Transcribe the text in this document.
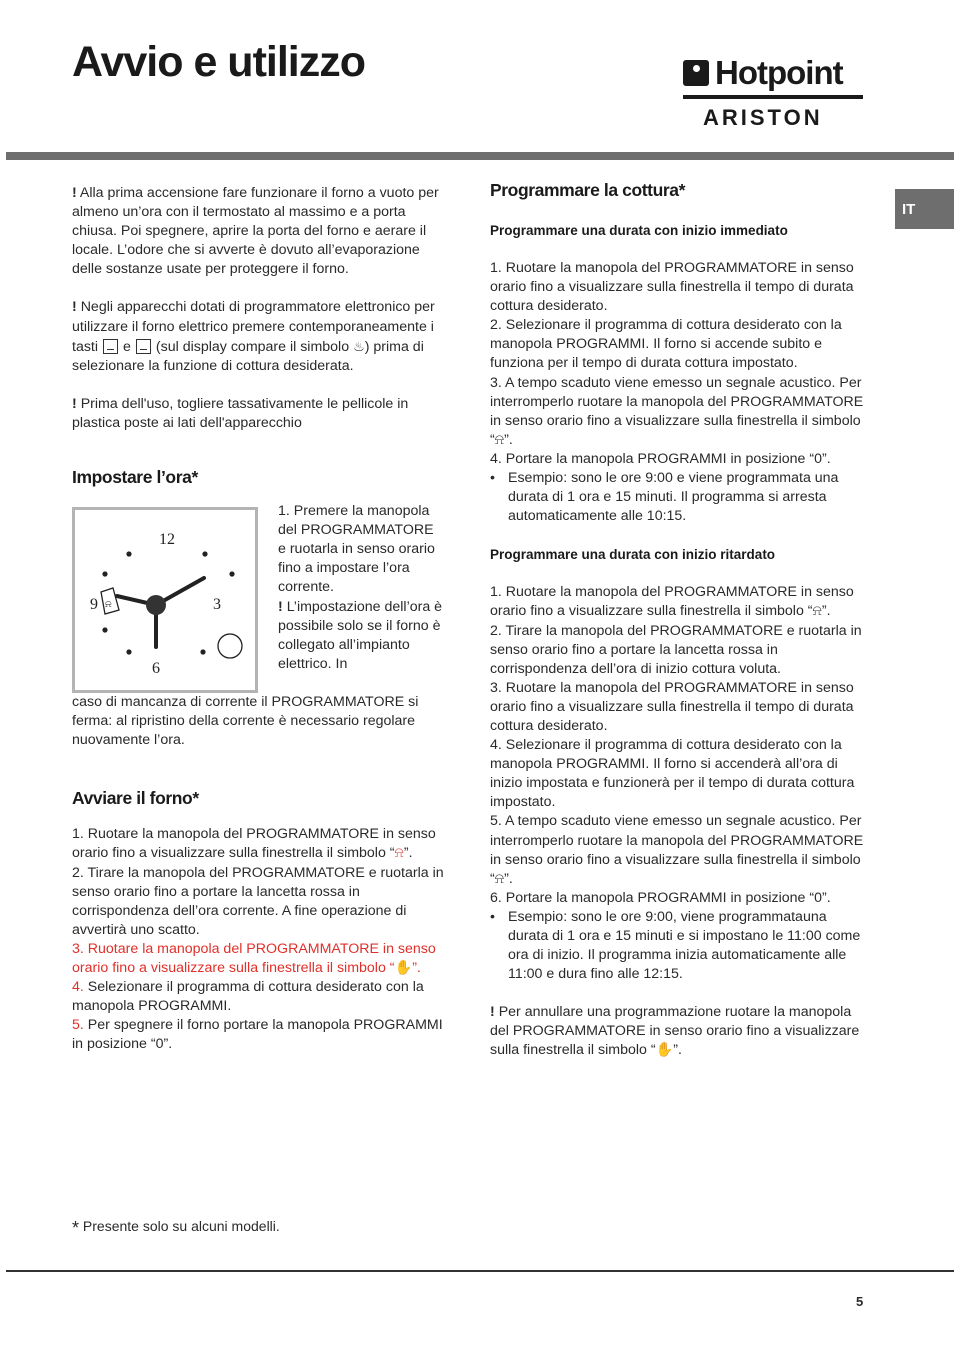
Avvio e utilizzo	Hotpoint
ARISTON
IT

! Alla prima accensione fare funzionare il forno a vuoto per almeno un’ora con il termostato al massimo e a porta chiusa. Poi spegnere, aprire la porta del forno e aerare il locale. L’odore che si avverte è dovuto all’evaporazione delle sostanze usate per proteggere il forno.

! Negli apparecchi dotati di programmatore elettronico per utilizzare il forno elettrico premere contemporaneamente i tasti e (sul display compare il simbolo ♨) prima di selezionare la funzione di cottura desiderata.

! Prima dell'uso, togliere tassativamente le pellicole in plastica poste ai lati dell'apparecchio

Impostare l’ora*
12
3
6
9 ⍾

1. Premere la manopola del PROGRAMMATORE e ruotarla in senso orario fino a impostare l’ora corrente.

! L’impostazione dell’ora è possibile solo se il forno è collegato all’impianto elettrico. In

caso di mancanza di corrente il PROGRAMMATORE si ferma: al ripristino della corrente è necessario regolare nuovamente l’ora.

Avviare il forno*

1. Ruotare la manopola del PROGRAMMATORE in senso orario fino a visualizzare sulla finestrella il simbolo “⍾”.

2. Tirare la manopola del PROGRAMMATORE e ruotarla in senso orario fino a portare la lancetta rossa in corrispondenza dell’ora corrente. A fine operazione di avvertirà uno scatto.

3. Ruotare la manopola del PROGRAMMATORE in senso orario fino a visualizzare sulla finestrella il simbolo “✋”.

4. Selezionare il programma di cottura desiderato con la manopola PROGRAMMI.

5. Per spegnere il forno portare la manopola PROGRAMMI in posizione “0”.

Programmare la cottura*
Programmare una durata con inizio immediato

1. Ruotare la manopola del PROGRAMMATORE in senso orario fino a visualizzare sulla finestrella il tempo di durata cottura desiderato.

2. Selezionare il programma di cottura desiderato con la manopola PROGRAMMI. Il forno si accende subito e funziona per il tempo di durata cottura impostato.

3. A tempo scaduto viene emesso un segnale acustico. Per interromperlo ruotare la manopola del PROGRAMMATORE in senso orario fino a visualizzare sulla finestrella il simbolo “⍾”.

4. Portare la manopola PROGRAMMI in posizione “0”.

• Esempio: sono le ore 9:00 e viene programmata una durata di 1 ora e 15 minuti. Il programma si arresta automaticamente alle 10:15.
Programmare una durata con inizio ritardato

1. Ruotare la manopola del PROGRAMMATORE in senso orario fino a visualizzare sulla finestrella il simbolo “⍾”.

2. Tirare la manopola del PROGRAMMATORE e ruotarla in senso orario fino a portare la lancetta rossa in corrispondenza dell’ora di inizio cottura voluta.

3. Ruotare la manopola del PROGRAMMATORE in senso orario fino a visualizzare sulla finestrella il tempo di durata cottura desiderato.

4. Selezionare il programma di cottura desiderato con la manopola PROGRAMMI. Il forno si accenderà all’ora di inizio impostata e funzionerà per il tempo di durata cottura impostato.

5. A tempo scaduto viene emesso un segnale acustico. Per interromperlo ruotare la manopola del PROGRAMMATORE in senso orario fino a visualizzare sulla finestrella il simbolo “⍾”.

6. Portare la manopola PROGRAMMI in posizione “0”.

• Esempio: sono le ore 9:00, viene programmatauna durata di 1 ora e 15 minuti e si impostano le 11:00 come ora di inizio. Il programma inizia automaticamente alle 11:00 e dura fino alle 12:15.

! Per annullare una programmazione ruotare la manopola del PROGRAMMATORE in senso orario fino a visualizzare sulla finestrella il simbolo “✋”.

* Presente solo su alcuni modelli.
5
